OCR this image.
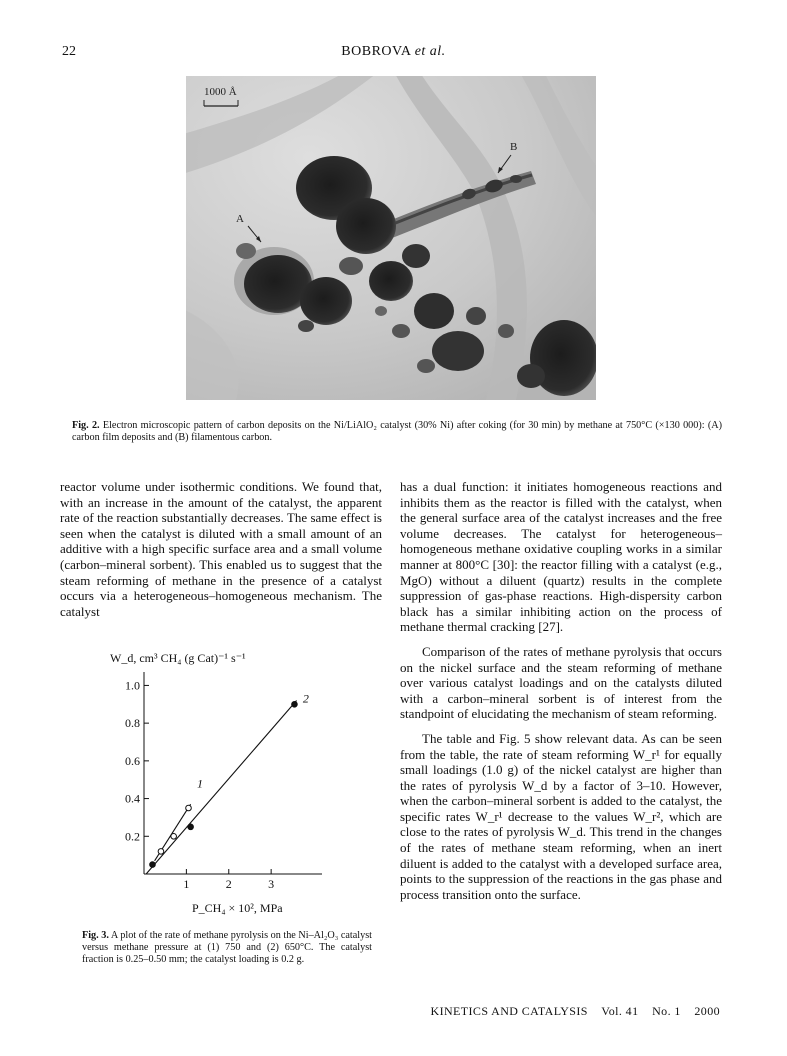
22	BOBROVA et al.
1000 Å
A
B
Fig. 2. Electron microscopic pattern of carbon deposits on the Ni/LiAlO₂ catalyst (30% Ni) after coking (for 30 min) by methane at 750°C (×130 000): (A) carbon film deposits and (B) filamentous carbon.

reactor volume under isothermic conditions. We found that, with an increase in the amount of the catalyst, the apparent rate of the reaction substantially decreases. The same effect is seen when the catalyst is diluted with a small amount of an additive with a high specific surface area and a small volume (carbon–mineral sorbent). This enabled us to suggest that the steam reforming of methane in the presence of a catalyst occurs via a heterogeneous–homogeneous mechanism. The catalyst

has a dual function: it initiates homogeneous reactions and inhibits them as the reactor is filled with the catalyst, when the general surface area of the catalyst increases and the free volume decreases. The catalyst for heterogeneous–homogeneous methane oxidative coupling works in a similar manner at 800°C [30]: the reactor filling with a catalyst (e.g., MgO) without a diluent (quartz) results in the complete suppression of gas-phase reactions. High-dispersity carbon black has a similar inhibiting action on the process of methane thermal cracking [27].

Comparison of the rates of methane pyrolysis that occurs on the nickel surface and the steam reforming of methane over various catalyst loadings and on the catalysts diluted with a carbon–mineral sorbent is of interest from the standpoint of elucidating the mechanism of steam reforming.

The table and Fig. 5 show relevant data. As can be seen from the table, the rate of steam reforming W_r¹ for equally small loadings (1.0 g) of the nickel catalyst are higher than the rates of pyrolysis W_d by a factor of 3–10. However, when the carbon–mineral sorbent is added to the catalyst, the specific rates W_r¹ decrease to the values W_r², which are close to the rates of pyrolysis W_d. This trend in the changes of the rates of methane steam reforming, when an inert diluent is added to the catalyst with a developed surface area, points to the suppression of the reactions in the gas phase and process transition onto the surface.

W_d, cm³ CH₄ (g Cat)⁻¹ s⁻¹
0.2
0.4
0.6
0.8
1.0
1	2	3
1
2
P_CH₄ × 10², MPa
Fig. 3. A plot of the rate of methane pyrolysis on the Ni–Al₂O₃ catalyst versus methane pressure at (1) 750 and (2) 650°C. The catalyst fraction is 0.25–0.50 mm; the catalyst loading is 0.2 g.
KINETICS AND CATALYSIS Vol. 41 No. 1 2000
